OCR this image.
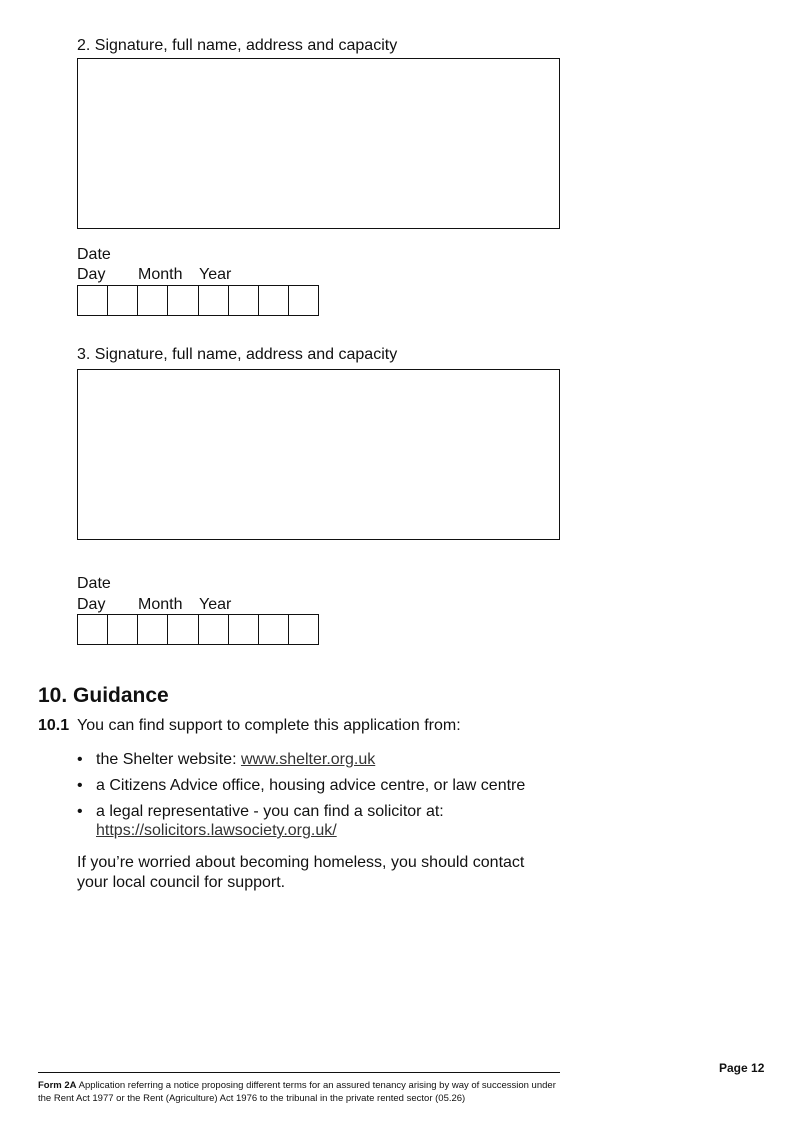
2. Signature, full name, address and capacity
Date
Day Month Year
3. Signature, full name, address and capacity
Date
Day Month Year
10. Guidance
10.1 You can find support to complete this application from:
• the Shelter website: www.shelter.org.uk
• a Citizens Advice office, housing advice centre, or law centre
• a legal representative - you can find a solicitor at:
https://solicitors.lawsociety.org.uk/
If you’re worried about becoming homeless, you should contact
your local council for support.
Page 12
Form 2A Application referring a notice proposing different terms for an assured tenancy arising by way of succession under
the Rent Act 1977 or the Rent (Agriculture) Act 1976 to the tribunal in the private rented sector (05.26)
